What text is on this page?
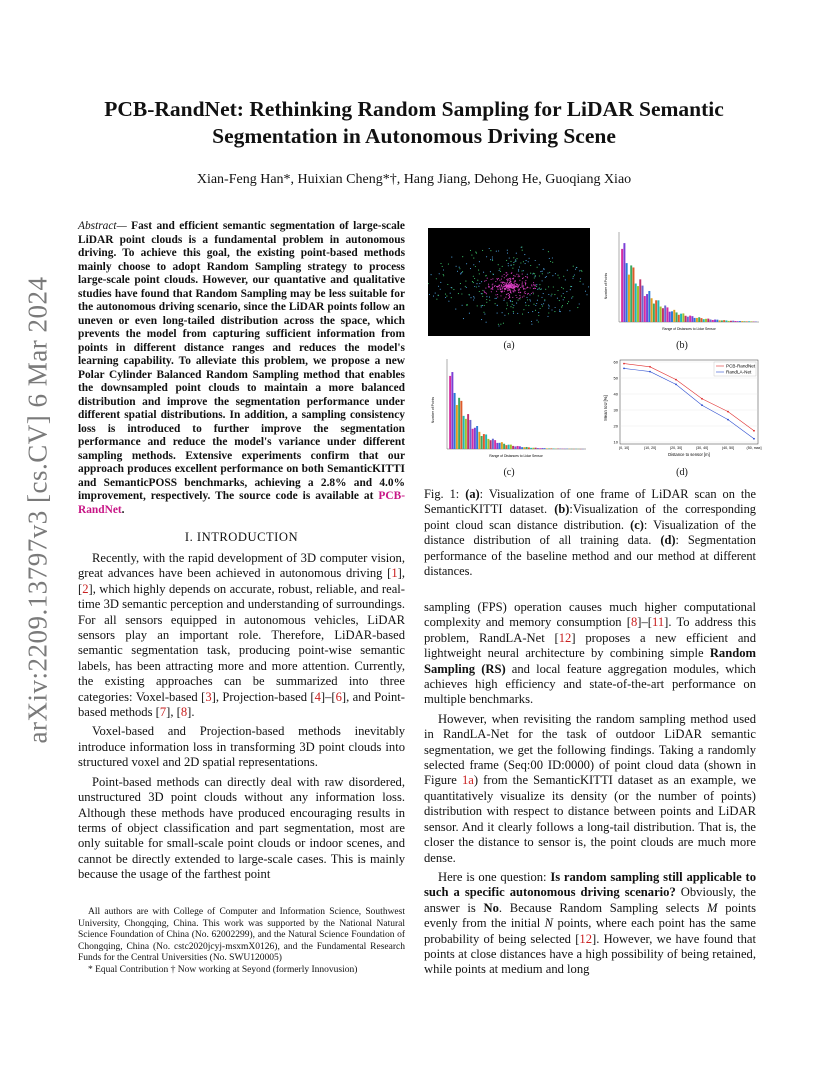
arXiv:2209.13797v3 [cs.CV] 6 Mar 2024
PCB-RandNet: Rethinking Random Sampling for LiDAR Semantic Segmentation in Autonomous Driving Scene
Xian-Feng Han*, Huixian Cheng*†, Hang Jiang, Dehong He, Guoqiang Xiao
Abstract— Fast and efficient semantic segmentation of large-scale LiDAR point clouds is a fundamental problem in autonomous driving. To achieve this goal, the existing point-based methods mainly choose to adopt Random Sampling strategy to process large-scale point clouds. However, our quantative and qualitative studies have found that Random Sampling may be less suitable for the autonomous driving scenario, since the LiDAR points follow an uneven or even long-tailed distribution across the space, which prevents the model from capturing sufficient information from points in different distance ranges and reduces the model's learning capability. To alleviate this problem, we propose a new Polar Cylinder Balanced Random Sampling method that enables the downsampled point clouds to maintain a more balanced distribution and improve the segmentation performance under different spatial distributions. In addition, a sampling consistency loss is introduced to further improve the segmentation performance and reduce the model's variance under different sampling methods. Extensive experiments confirm that our approach produces excellent performance on both SemanticKITTI and SemanticPOSS benchmarks, achieving a 2.8% and 4.0% improvement, respectively. The source code is available at PCB-RandNet.
I. INTRODUCTION

Recently, with the rapid development of 3D computer vision, great advances have been achieved in autonomous driving [1], [2], which highly depends on accurate, robust, reliable, and real-time 3D semantic perception and understanding of surroundings. For all sensors equipped in autonomous vehicles, LiDAR sensors play an important role. Therefore, LiDAR-based semantic segmentation task, producing point-wise semantic labels, has been attracting more and more attention. Currently, the existing approaches can be summarized into three categories: Voxel-based [3], Projection-based [4]–[6], and Point-based methods [7], [8].

Voxel-based and Projection-based methods inevitably introduce information loss in transforming 3D point clouds into structured voxel and 2D spatial representations.

Point-based methods can directly deal with raw disordered, unstructured 3D point clouds without any information loss. Although these methods have produced encouraging results in terms of object classification and part segmentation, most are only suitable for small-scale point clouds or indoor scenes, and cannot be directly extended to large-scale cases. This is mainly because the usage of the farthest point

All authors are with College of Computer and Information Science, Southwest University, Chongqing, China. This work was supported by the National Natural Science Foundation of China (No. 62002299), and the Natural Science Foundation of Chongqing, China (No. cstc2020jcyj-msxmX0126), and the Fundamental Research Funds for the Central Universities (No. SWU120005)

* Equal Contribution † Now working at Seyond (formerly Innovusion)

(a)
Number of Points
Range of Distances to Lidar Sensor
(b)
Number of Points
Range of Distances to Lidar Sensor
(c)
Mean IoU [%]
60
50
40
30
20
10
(0, 10]	(10, 20]	(20, 30]	(30, 40]	(40, 50]	(50, max]
PCB-RandNet
RandLA-Net
Distance to sensor [m]
(d)
Fig. 1: (a): Visualization of one frame of LiDAR scan on the SemanticKITTI dataset. (b):Visualization of the corresponding point cloud scan distance distribution. (c): Visualization of the distance distribution of all training data. (d): Segmentation performance of the baseline method and our method at different distances.

sampling (FPS) operation causes much higher computational complexity and memory consumption [8]–[11]. To address this problem, RandLA-Net [12] proposes a new efficient and lightweight neural architecture by combining simple Random Sampling (RS) and local feature aggregation modules, which achieves high efficiency and state-of-the-art performance on multiple benchmarks.

However, when revisiting the random sampling method used in RandLA-Net for the task of outdoor LiDAR semantic segmentation, we get the following findings. Taking a randomly selected frame (Seq:00 ID:0000) of point cloud data (shown in Figure 1a) from the SemanticKITTI dataset as an example, we quantitatively visualize its density (or the number of points) distribution with respect to distance between points and LiDAR sensor. And it clearly follows a long-tail distribution. That is, the closer the distance to sensor is, the point clouds are much more dense.

Here is one question: Is random sampling still applicable to such a specific autonomous driving scenario? Obviously, the answer is No. Because Random Sampling selects M points evenly from the initial N points, where each point has the same probability of being selected [12]. However, we have found that points at close distances have a high possibility of being retained, while points at medium and long
